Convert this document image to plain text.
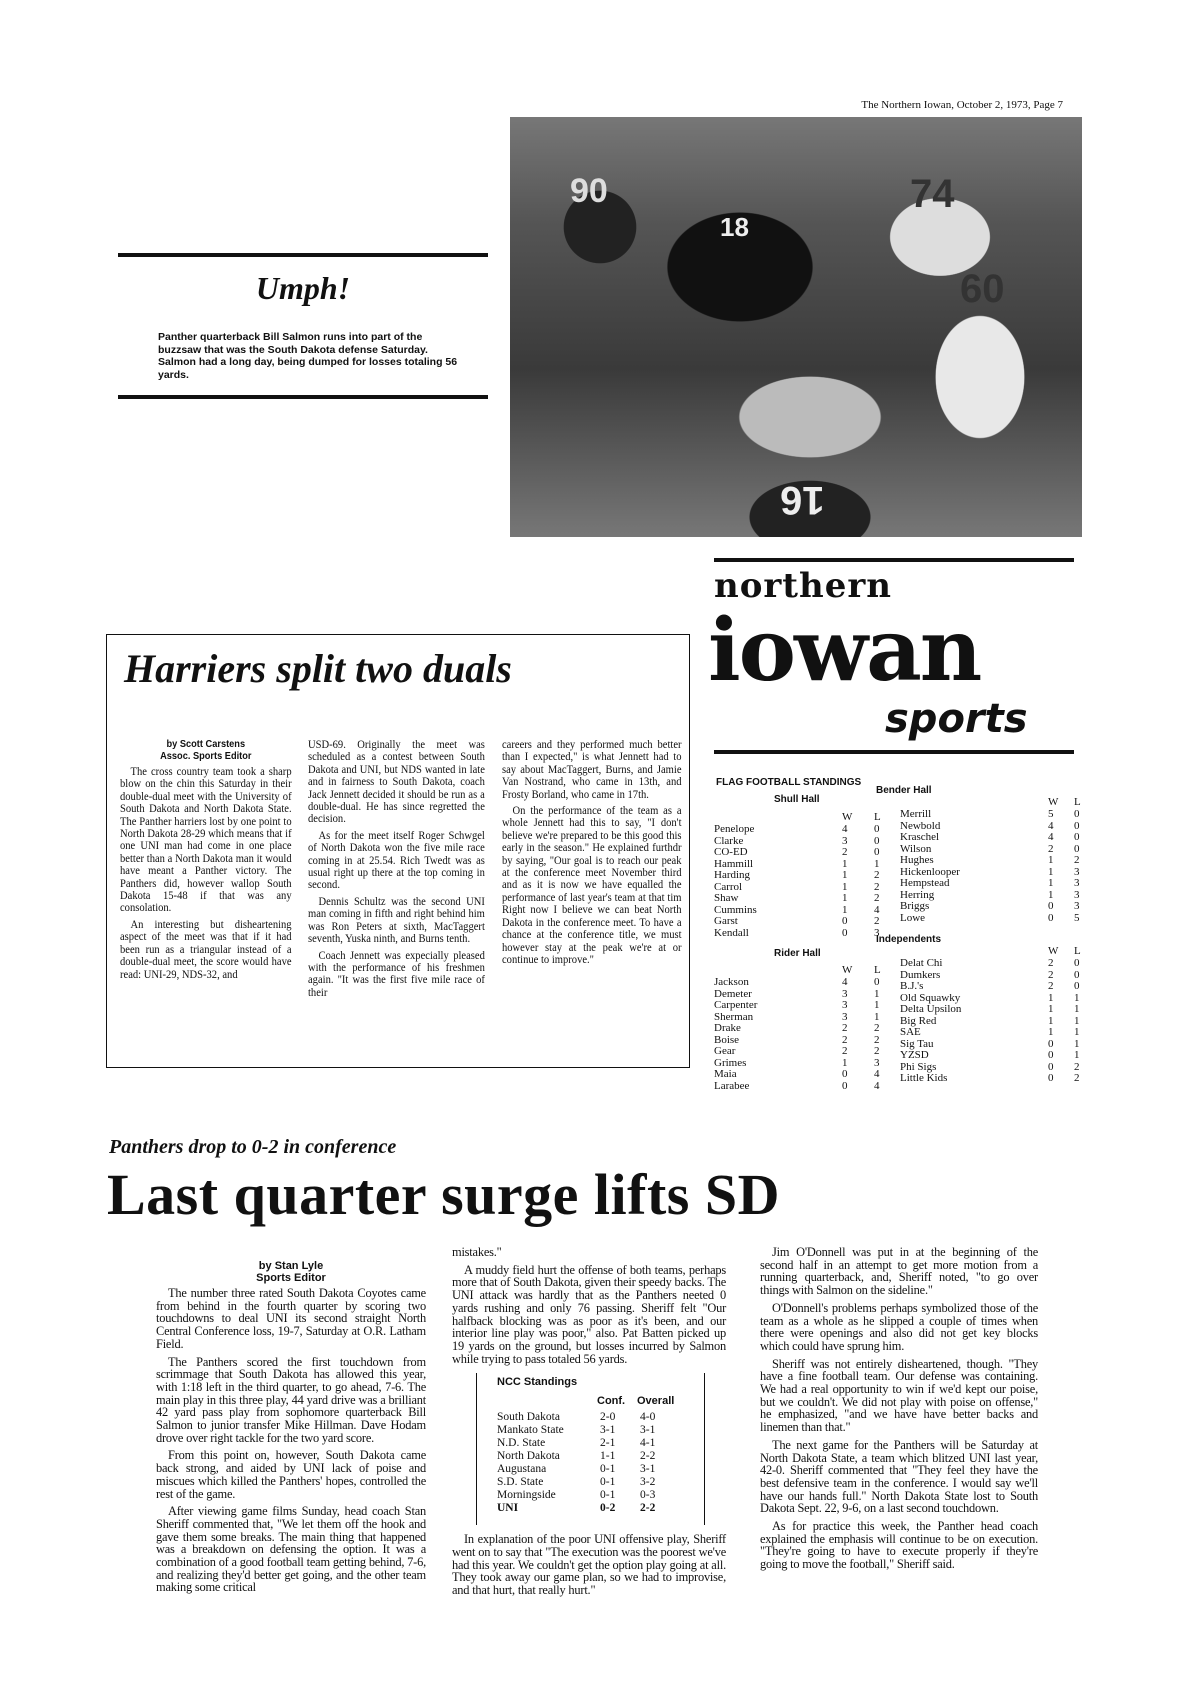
The Northern Iowan, October 2, 1973, Page 7
90
18
74
60
16
Umph!
Panther quarterback Bill Salmon runs into part of the buzzsaw that was the South Dakota defense Saturday. Salmon had a long day, being dumped for losses totaling 56 yards.
northern
iowan
sports
Harriers split two duals
by Scott Carstens
Assoc. Sports Editor

The cross country team took a sharp blow on the chin this Saturday in their double-dual meet with the University of South Dakota and North Dakota State. The Panther harriers lost by one point to North Dakota 28-29 which means that if one UNI man had come in one place better than a North Dakota man it would have meant a Panther victory. The Panthers did, however wallop South Dakota 15-48 if that was any consolation.

An interesting but disheartening aspect of the meet was that if it had been run as a triangular instead of a double-dual meet, the score would have read: UNI-29, NDS-32, and

USD-69. Originally the meet was scheduled as a contest between South Dakota and UNI, but NDS wanted in late and in fairness to South Dakota, coach Jack Jennett decided it should be run as a double-dual. He has since regretted the decision.

As for the meet itself Roger Schwgel of North Dakota won the five mile race coming in at 25.54. Rich Twedt was as usual right up there at the top coming in second.

Dennis Schultz was the second UNI man coming in fifth and right behind him was Ron Peters at sixth, MacTaggert seventh, Yuska ninth, and Burns tenth.

Coach Jennett was expecially pleased with the performance of his freshmen again. "It was the first five mile race of their

careers and they performed much better than I expected," is what Jennett had to say about MacTaggert, Burns, and Jamie Van Nostrand, who came in 13th, and Frosty Borland, who came in 17th.

On the performance of the team as a whole Jennett had this to say, "I don't believe we're prepared to be this good this early in the season." He explained furthdr by saying, "Our goal is to reach our peak at the conference meet November third and as it is now we have equalled the performance of last year's team at that tim Right now I believe we can beat North Dakota in the conference meet. To have a chance at the conference title, we must however stay at the peak we're at or continue to improve."

FLAG FOOTBALL STANDINGS
Shull Hall
W L
Penelope	4 0
Clarke	3 0
CO-ED	2 0
Hammill	1 1
Harding	1 2
Carrol	1 2
Shaw	1 2
Cummins	1 4
Garst	0 2
Kendall	0 3
Rider Hall
W L
Jackson	4 0
Demeter	3 1
Carpenter	3 1
Sherman	3 1
Drake	2 2
Boise	2 2
Gear	2 2
Grimes	1 3
Maia	0 4
Larabee	0 4
Bender Hall
W L
Merrill	5 0
Newbold	4 0
Kraschel	4 0
Wilson	2 0
Hughes	1 2
Hickenlooper	1 3
Hempstead	1 3
Herring	1 3
Briggs	0 3
Lowe	0 5
Independents
W L
Delat Chi	2 0
Dumkers	2 0
B.J.'s	2 0
Old Squawky	1 1
Delta Upsilon	1 1
Big Red	1 1
SAE	1 1
Sig Tau	0 1
YZSD	0 1
Phi Sigs	0 2
Little Kids	0 2
Panthers drop to 0-2 in conference
Last quarter surge lifts SD
by Stan Lyle
Sports Editor

The number three rated South Dakota Coyotes came from behind in the fourth quarter by scoring two touchdowns to deal UNI its second straight North Central Conference loss, 19-7, Saturday at O.R. Latham Field.

The Panthers scored the first touchdown from scrimmage that South Dakota has allowed this year, with 1:18 left in the third quarter, to go ahead, 7-6. The main play in this three play, 44 yard drive was a brilliant 42 yard pass play from sophomore quarterback Bill Salmon to junior transfer Mike Hillman. Dave Hodam drove over right tackle for the two yard score.

From this point on, however, South Dakota came back strong, and aided by UNI lack of poise and miscues which killed the Panthers' hopes, controlled the rest of the game.

After viewing game films Sunday, head coach Stan Sheriff commented that, "We let them off the hook and gave them some breaks. The main thing that happened was a breakdown on defensing the option. It was a combination of a good football team getting behind, 7-6, and realizing they'd better get going, and the other team making some critical

mistakes."

A muddy field hurt the offense of both teams, perhaps more that of South Dakota, given their speedy backs. The UNI attack was hardly that as the Panthers neeted 0 yards rushing and only 76 passing. Sheriff felt "Our halfback blocking was as poor as it's been, and our interior line play was poor," also. Pat Batten picked up 19 yards on the ground, but losses incurred by Salmon while trying to pass totaled 56 yards.

NCC Standings
Conf. Overall
South Dakota	2-0 4-0
Mankato State	3-1 3-1
N.D. State	2-1 4-1
North Dakota	1-1 2-2
Augustana	0-1 3-1
S.D. State	0-1 3-2
Morningside	0-1 0-3
UNI	0-2 2-2

In explanation of the poor UNI offensive play, Sheriff went on to say that "The execution was the poorest we've had this year. We couldn't get the option play going at all. They took away our game plan, so we had to improvise, and that hurt, that really hurt."

Jim O'Donnell was put in at the beginning of the second half in an attempt to get more motion from a running quarterback, and, Sheriff noted, "to go over things with Salmon on the sideline."

O'Donnell's problems perhaps symbolized those of the team as a whole as he slipped a couple of times when there were openings and also did not get key blocks which could have sprung him.

Sheriff was not entirely disheartened, though. "They have a fine football team. Our defense was containing. We had a real opportunity to win if we'd kept our poise, but we couldn't. We did not play with poise on offense," he emphasized, "and we have have better backs and linemen than that."

The next game for the Panthers will be Saturday at North Dakota State, a team which blitzed UNI last year, 42-0. Sheriff commented that "They feel they have the best defensive team in the conference. I would say we'll have our hands full." North Dakota State lost to South Dakota Sept. 22, 9-6, on a last second touchdown.

As for practice this week, the Panther head coach explained the emphasis will continue to be on execution. "They're going to have to execute properly if they're going to move the football," Sheriff said.
